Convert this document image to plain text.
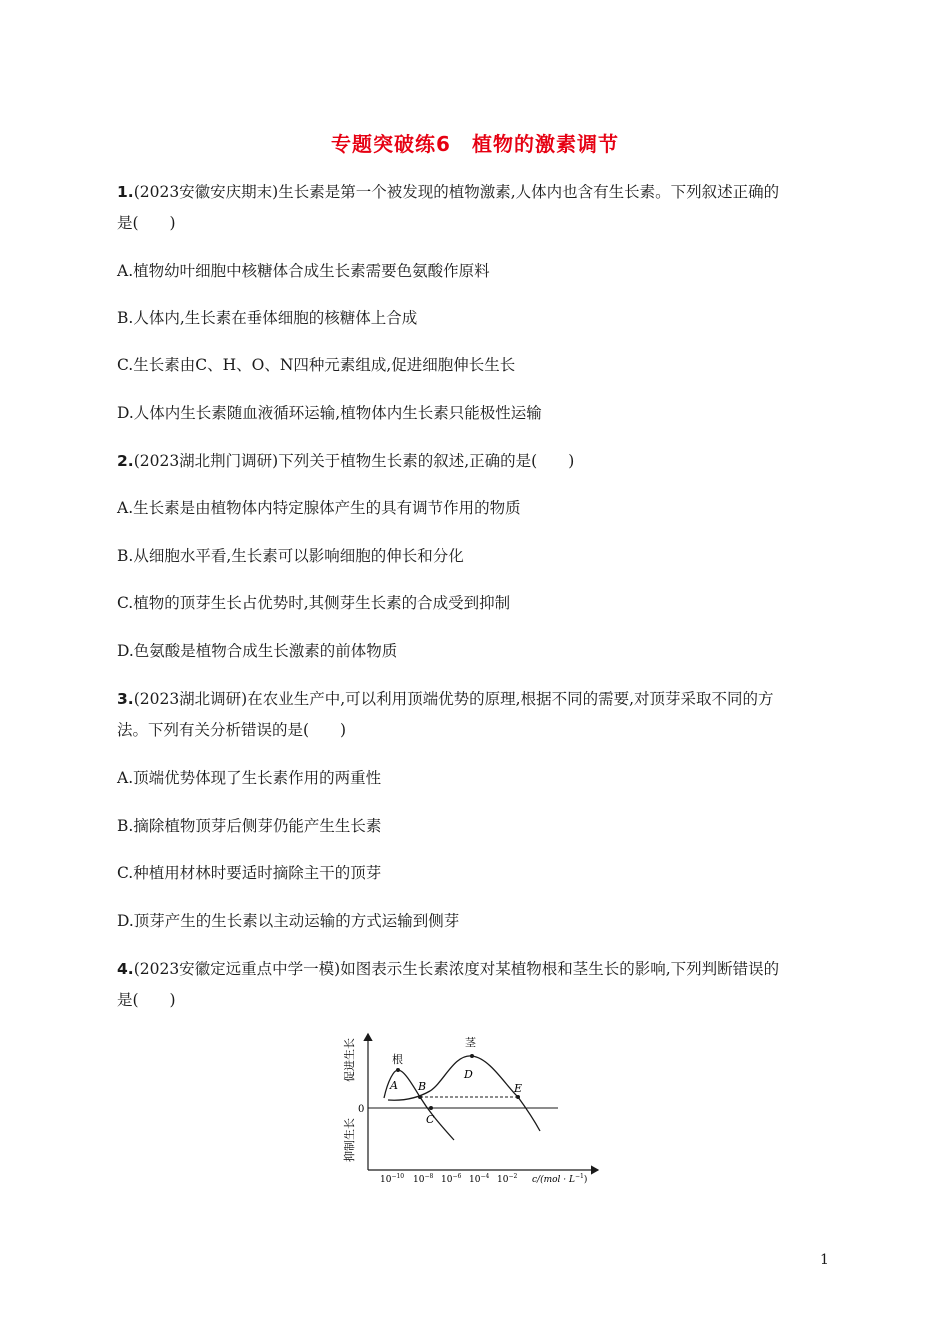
专题突破练6　植物的激素调节
1.(2023安徽安庆期末)生长素是第一个被发现的植物激素,人体内也含有生长素。下列叙述正确的
是(　　)
A.植物幼叶细胞中核糖体合成生长素需要色氨酸作原料
B.人体内,生长素在垂体细胞的核糖体上合成
C.生长素由C、H、O、N四种元素组成,促进细胞伸长生长
D.人体内生长素随血液循环运输,植物体内生长素只能极性运输
2.(2023湖北荆门调研)下列关于植物生长素的叙述,正确的是(　　)
A.生长素是由植物体内特定腺体产生的具有调节作用的物质
B.从细胞水平看,生长素可以影响细胞的伸长和分化
C.植物的顶芽生长占优势时,其侧芽生长素的合成受到抑制
D.色氨酸是植物合成生长激素的前体物质
3.(2023湖北调研)在农业生产中,可以利用顶端优势的原理,根据不同的需要,对顶芽采取不同的方
法。下列有关分析错误的是(　　)
A.顶端优势体现了生长素作用的两重性
B.摘除植物顶芽后侧芽仍能产生生长素
C.种植用材林时要适时摘除主干的顶芽
D.顶芽产生的生长素以主动运输的方式运输到侧芽
4.(2023安徽定远重点中学一模)如图表示生长素浓度对某植物根和茎生长的影响,下列判断错误的
是(　　)
促进生长
抑制生长
0
根
茎
A B
C
D
E
$10^{-10}$ $10^{-8}$ $10^{-6}$ $10^{-4}$ $10^{-2}$ $c/(mol \cdot L^{-1})$
1
